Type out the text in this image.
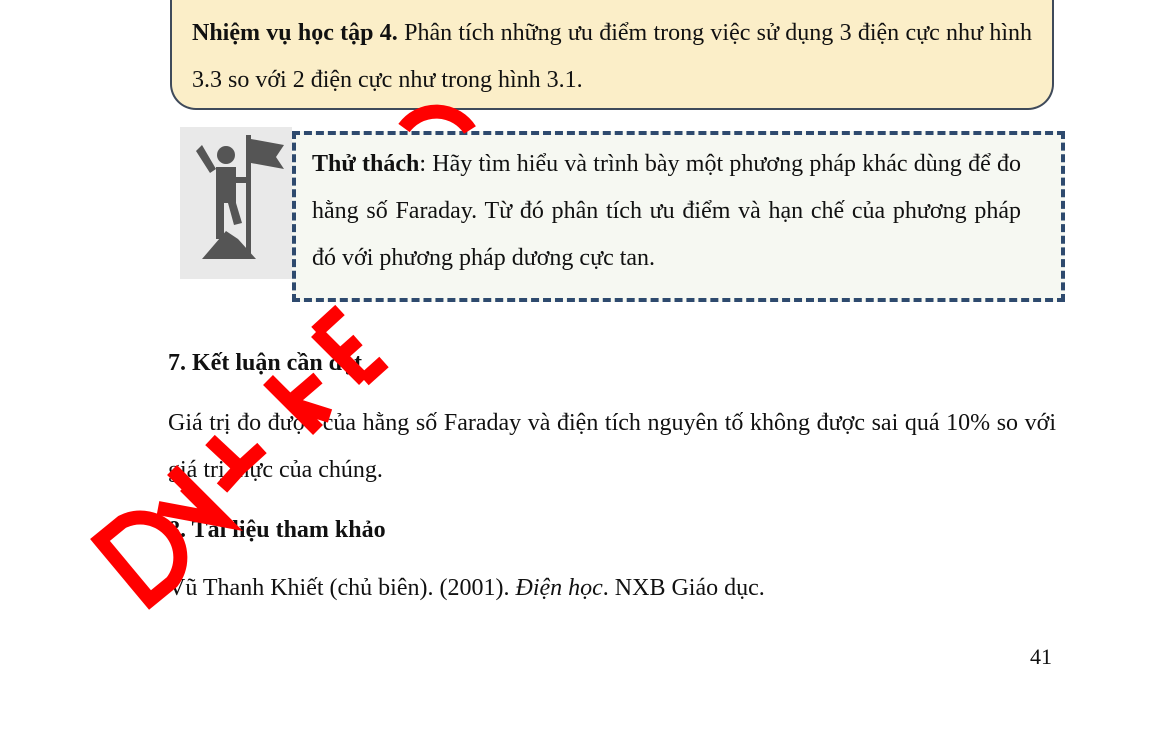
Nhiệm vụ học tập 4. Phân tích những ưu điểm trong việc sử dụng 3 điện cực như hình 3.3 so với 2 điện cực như trong hình 3.1.
Thử thách: Hãy tìm hiểu và trình bày một phương pháp khác dùng để đo hằng số Faraday. Từ đó phân tích ưu điểm và hạn chế của phương pháp đó với phương pháp dương cực tan.
7. Kết luận cần đạt
Giá trị đo được của hằng số Faraday và điện tích nguyên tố không được sai quá 10% so với giá trị thực của chúng.
8. Tài liệu tham khảo
Vũ Thanh Khiết (chủ biên). (2001). Điện học. NXB Giáo dục.
41
